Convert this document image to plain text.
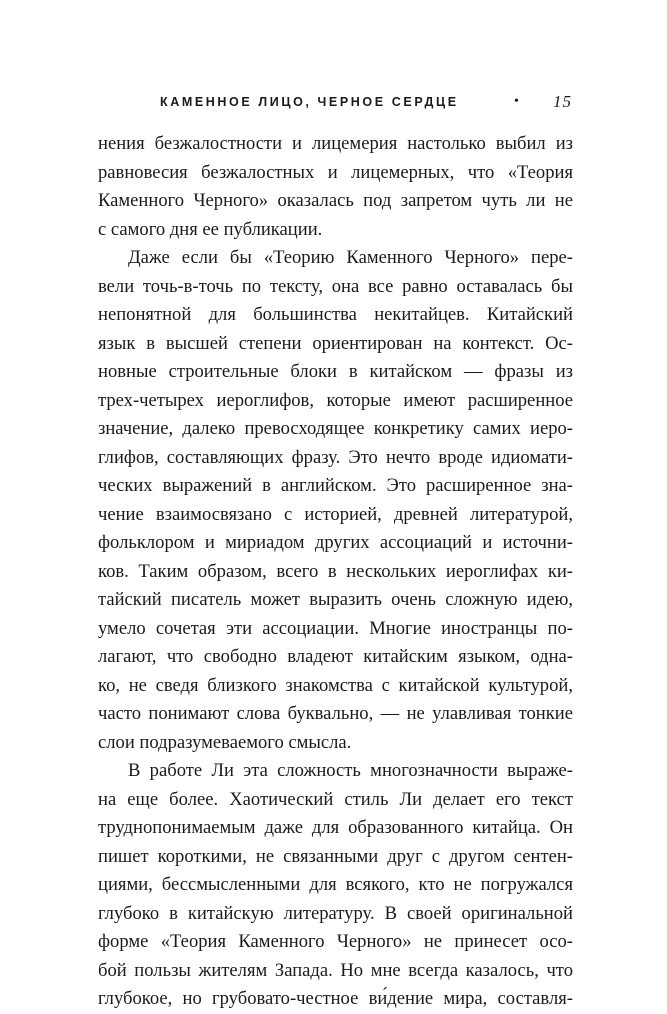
КАМЕННОЕ ЛИЦО, ЧЕРНОЕ СЕРДЦЕ	• 15
нения безжалостности и лицемерия настолько выбил из
равновесия безжалостных и лицемерных, что «Теория
Каменного Черного» оказалась под запретом чуть ли не
с самого дня ее публикации.
Даже если бы «Теорию Каменного Черного» пере-
вели точь-в-точь по тексту, она все равно оставалась бы
непонятной для большинства некитайцев. Китайский
язык в высшей степени ориентирован на контекст. Ос-
новные строительные блоки в китайском — фразы из
трех-четырех иероглифов, которые имеют расширенное
значение, далеко превосходящее конкретику самих иеро-
глифов, составляющих фразу. Это нечто вроде идиомати-
ческих выражений в английском. Это расширенное зна-
чение взаимосвязано с историей, древней литературой,
фольклором и мириадом других ассоциаций и источни-
ков. Таким образом, всего в нескольких иероглифах ки-
тайский писатель может выразить очень сложную идею,
умело сочетая эти ассоциации. Многие иностранцы по-
лагают, что свободно владеют китайским языком, одна-
ко, не сведя близкого знакомства с китайской культурой,
часто понимают слова буквально, — не улавливая тонкие
слои подразумеваемого смысла.
В работе Ли эта сложность многозначности выраже-
на еще более. Хаотический стиль Ли делает его текст
труднопонимаемым даже для образованного китайца. Он
пишет короткими, не связанными друг с другом сентен-
циями, бессмысленными для всякого, кто не погружался
глубоко в китайскую литературу. В своей оригинальной
форме «Теория Каменного Черного» не принесет осо-
бой пользы жителям Запада. Но мне всегда казалось, что
глубокое, но грубовато-честное ви́дение мира, составля-
